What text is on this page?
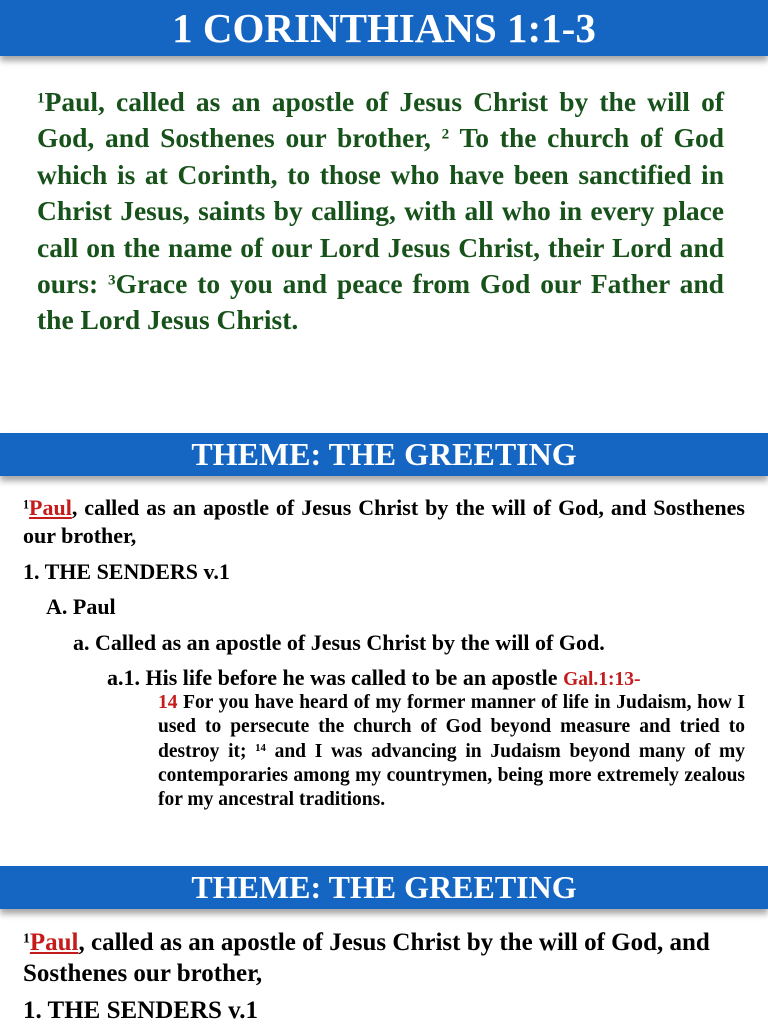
1 CORINTHIANS 1:1-3
$^1$Paul, called as an apostle of Jesus Christ by the will of God, and Sosthenes our brother, $^2$ To the church of God which is at Corinth, to those who have been sanctified in Christ Jesus, saints by calling, with all who in every place call on the name of our Lord Jesus Christ, their Lord and ours: $^3$Grace to you and peace from God our Father and the Lord Jesus Christ.
THEME: THE GREETING
$^1$Paul, called as an apostle of Jesus Christ by the will of God, and Sosthenes our brother,
1. THE SENDERS v.1
A. Paul
a. Called as an apostle of Jesus Christ by the will of God.
a.1. His life before he was called to be an apostle Gal.1:13-
14 For you have heard of my former manner of life in Judaism, how I used to persecute the church of God beyond measure and tried to destroy it; $^{14}$ and I was advancing in Judaism beyond many of my contemporaries among my countrymen, being more extremely zealous for my ancestral traditions.
THEME: THE GREETING
$^1$Paul, called as an apostle of Jesus Christ by the will of God, and Sosthenes our brother,
1. THE SENDERS v.1
